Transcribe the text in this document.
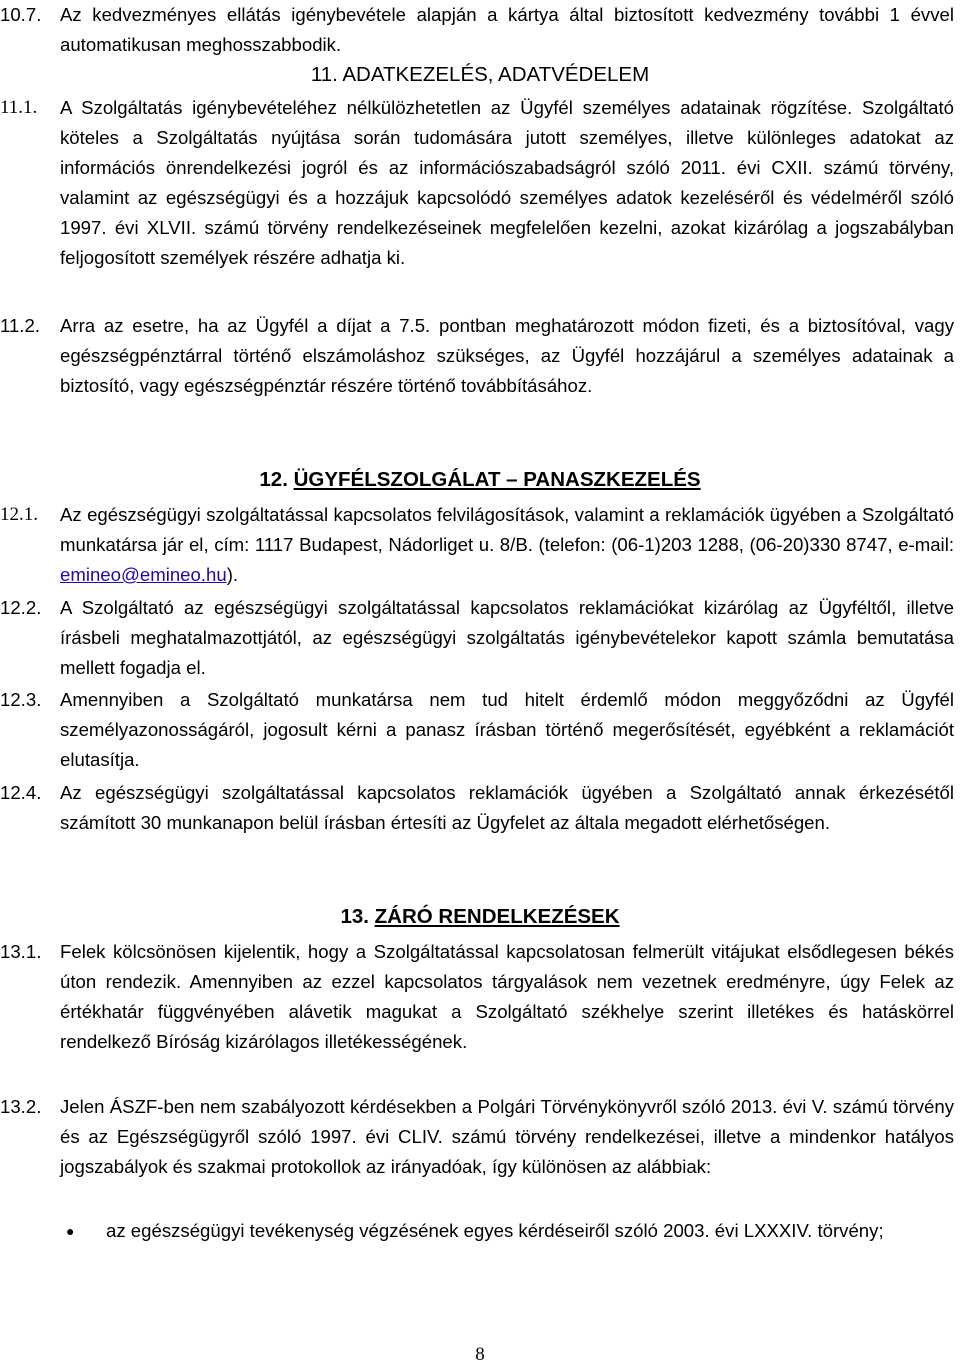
10.7.	Az kedvezményes ellátás igénybevétele alapján a kártya által biztosított kedvezmény további 1 évvel automatikusan meghosszabbodik.
11. ADATKEZELÉS, ADATVÉDELEM
11.1.	A Szolgáltatás igénybevételéhez nélkülözhetetlen az Ügyfél személyes adatainak rögzítése. Szolgáltató köteles a Szolgáltatás nyújtása során tudomására jutott személyes, illetve különleges adatokat az információs önrendelkezési jogról és az információszabadságról szóló 2011. évi CXII. számú törvény, valamint az egészségügyi és a hozzájuk kapcsolódó személyes adatok kezeléséről és védelméről szóló 1997. évi XLVII. számú törvény rendelkezéseinek megfelelően kezelni, azokat kizárólag a jogszabályban feljogosított személyek részére adhatja ki.
11.2.	Arra az esetre, ha az Ügyfél a díjat a 7.5. pontban meghatározott módon fizeti, és a biztosítóval, vagy egészségpénztárral történő elszámoláshoz szükséges, az Ügyfél hozzájárul a személyes adatainak a biztosító, vagy egészségpénztár részére történő továbbításához.
12. ÜGYFÉLSZOLGÁLAT – PANASZKEZELÉS
12.1.	Az egészségügyi szolgáltatással kapcsolatos felvilágosítások, valamint a reklamációk ügyében a Szolgáltató munkatársa jár el, cím: 1117 Budapest, Nádorliget u. 8/B. (telefon: (06-1)203 1288, (06-20)330 8747, e-mail: emineo@emineo.hu).
12.2.	A Szolgáltató az egészségügyi szolgáltatással kapcsolatos reklamációkat kizárólag az Ügyféltől, illetve írásbeli meghatalmazottjától, az egészségügyi szolgáltatás igénybevételekor kapott számla bemutatása mellett fogadja el.
12.3.	Amennyiben a Szolgáltató munkatársa nem tud hitelt érdemlő módon meggyőződni az Ügyfél személyazonosságáról, jogosult kérni a panasz írásban történő megerősítését, egyébként a reklamációt elutasítja.
12.4.	Az egészségügyi szolgáltatással kapcsolatos reklamációk ügyében a Szolgáltató annak érkezésétől számított 30 munkanapon belül írásban értesíti az Ügyfelet az általa megadott elérhetőségen.
13. ZÁRÓ RENDELKEZÉSEK
13.1.	Felek kölcsönösen kijelentik, hogy a Szolgáltatással kapcsolatosan felmerült vitájukat elsődlegesen békés úton rendezik. Amennyiben az ezzel kapcsolatos tárgyalások nem vezetnek eredményre, úgy Felek az értékhatár függvényében alávetik magukat a Szolgáltató székhelye szerint illetékes és hatáskörrel rendelkező Bíróság kizárólagos illetékességének.
13.2.	Jelen ÁSZF-ben nem szabályozott kérdésekben a Polgári Törvénykönyvről szóló 2013. évi V. számú törvény és az Egészségügyről szóló 1997. évi CLIV. számú törvény rendelkezései, illetve a mindenkor hatályos jogszabályok és szakmai protokollok az irányadóak, így különösen az alábbiak:
●	az egészségügyi tevékenység végzésének egyes kérdéseiről szóló 2003. évi LXXXIV. törvény;
8
